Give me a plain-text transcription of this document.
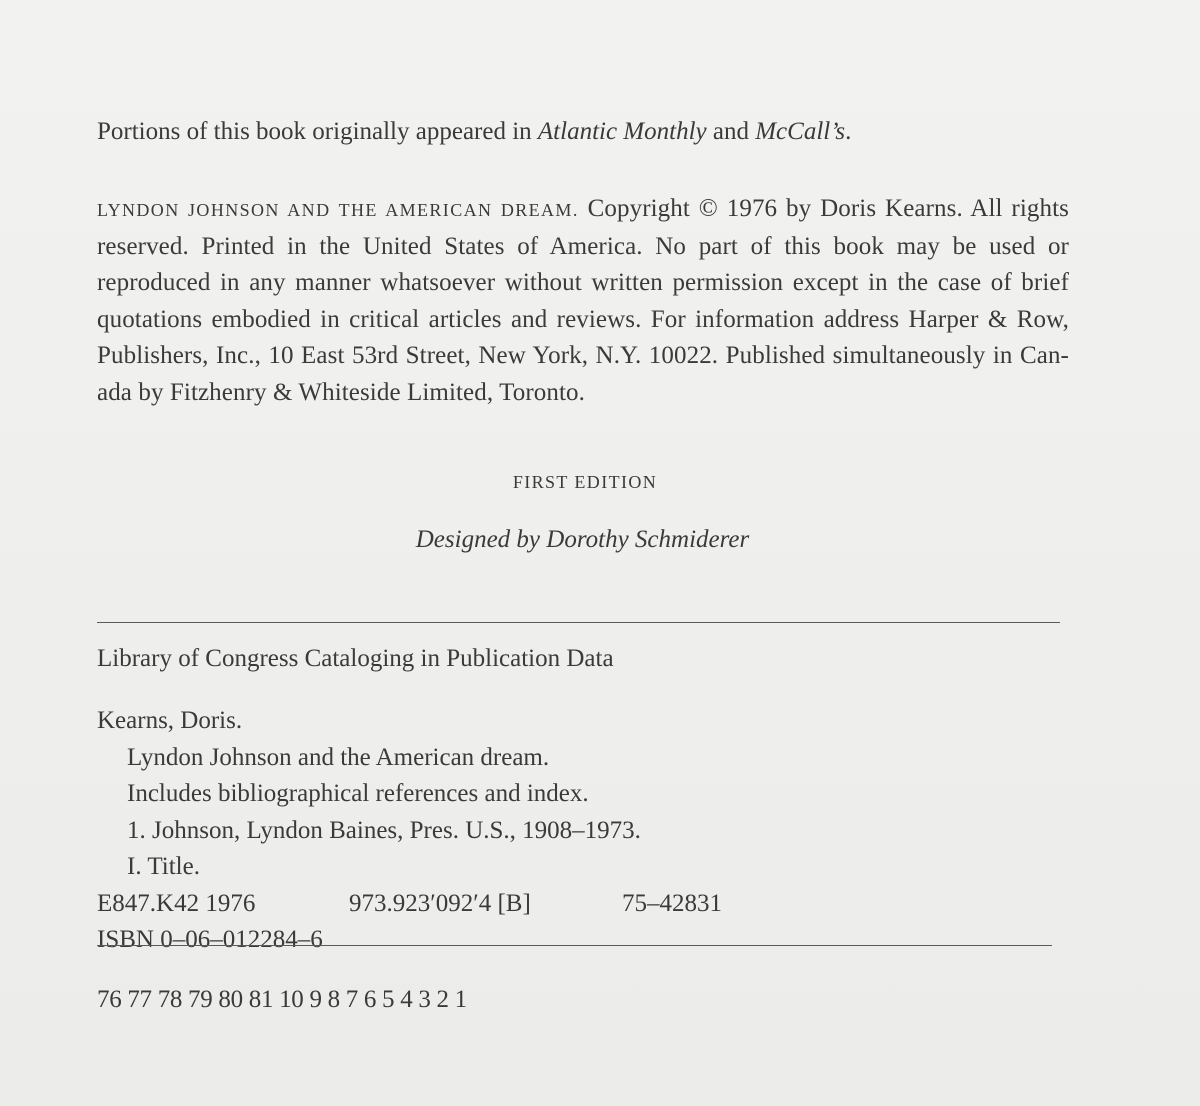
Portions of this book originally appeared in Atlantic Monthly and McCall’s.
LYNDON JOHNSON AND THE AMERICAN DREAM. Copyright © 1976 by Doris Kearns. All rights reserved. Printed in the United States of America. No part of this book may be used or reproduced in any manner whatsoever without written permission except in the case of brief quotations embodied in critical articles and reviews. For information address Harper & Row, Publishers, Inc., 10 East 53rd Street, New York, N.Y. 10022. Published simultaneously in Can-ada by Fitzhenry & Whiteside Limited, Toronto.
FIRST EDITION
Designed by Dorothy Schmiderer
Library of Congress Cataloging in Publication Data
Kearns, Doris.
Lyndon Johnson and the American dream.
Includes bibliographical references and index.
1. Johnson, Lyndon Baines, Pres. U.S., 1908–1973.
I. Title.
E847.K42 1976	973.923′092′4 [B]	75–42831
ISBN 0–06–012284–6
76 77 78 79 80 81 10 9 8 7 6 5 4 3 2 1
